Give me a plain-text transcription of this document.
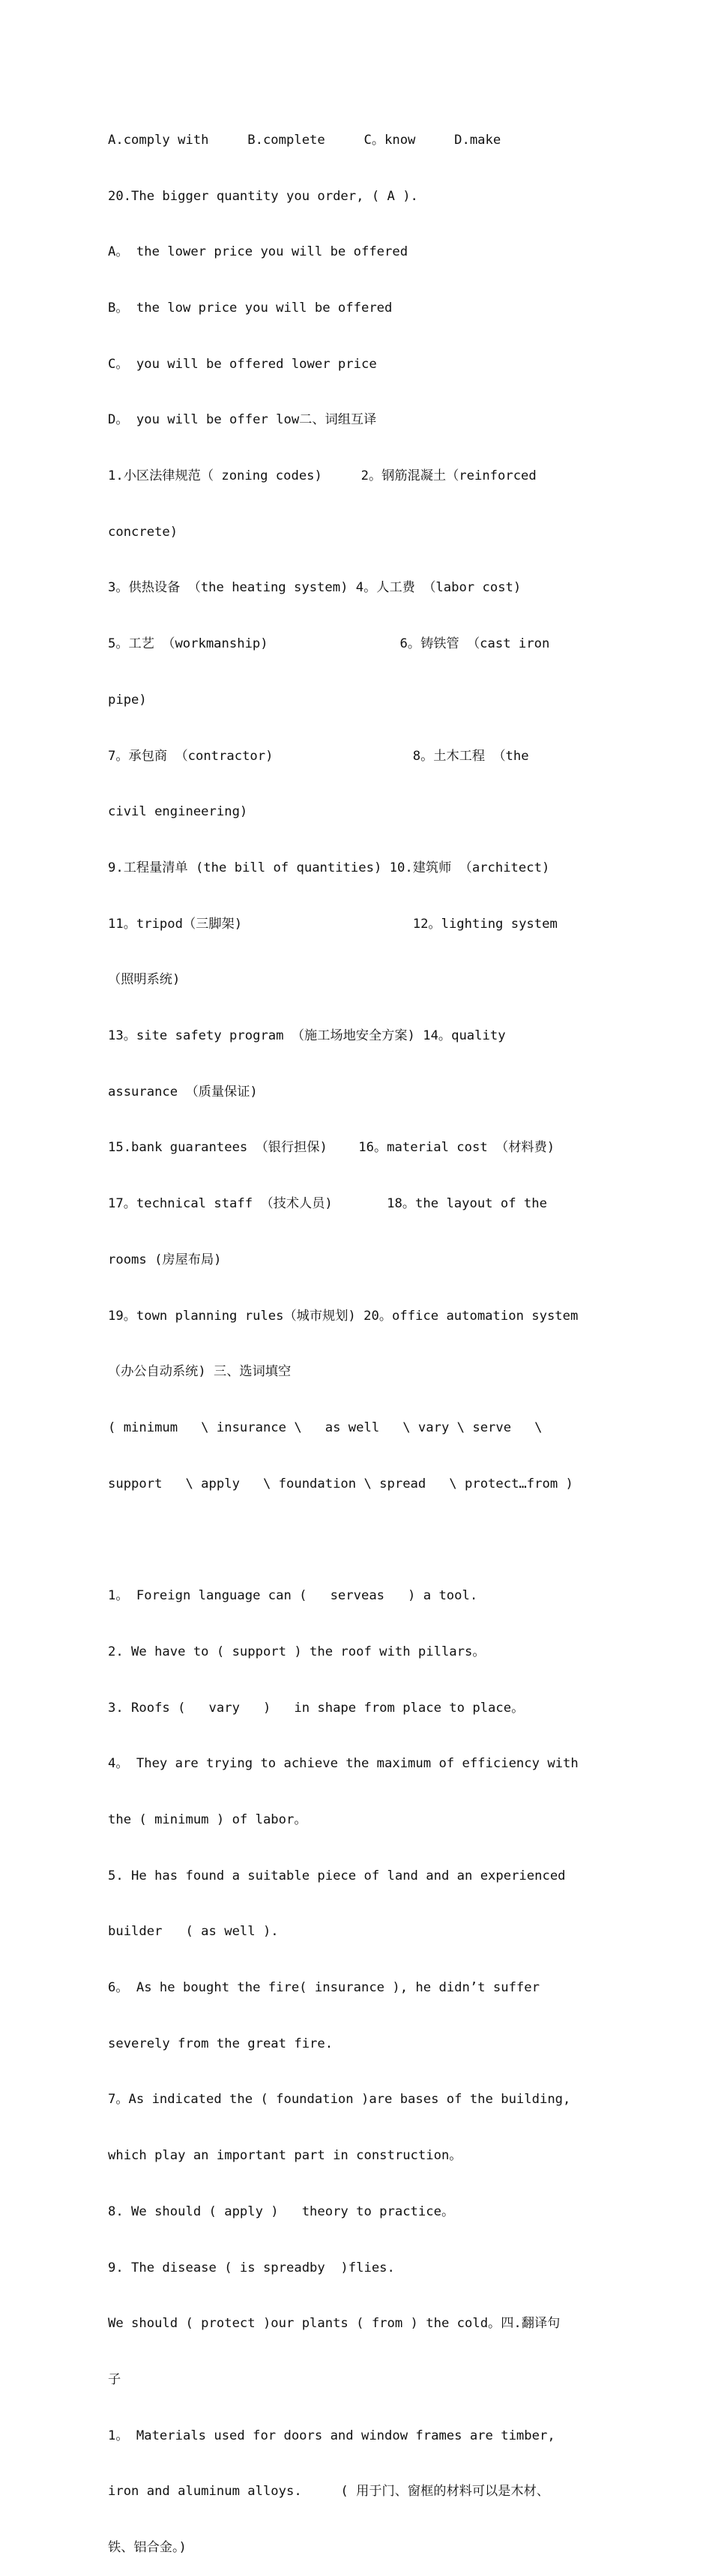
A.comply with     B.complete     C。know     D.make

20.The bigger quantity you order, ( A ).

A。 the lower price you will be offered

B。 the low price you will be offered

C。 you will be offered lower price

D。 you will be offer low二、词组互译

1.小区法律规范（ zoning codes)     2。钢筋混凝土（reinforced

concrete)

3。供热设备 （the heating system) 4。人工费 （labor cost)

5。工艺 （workmanship)                 6。铸铁管 （cast iron

pipe)

7。承包商 （contractor)                  8。土木工程 （the

civil engineering)

9.工程量清单 (the bill of quantities) 10.建筑师 （architect)

11。tripod（三脚架)                      12。lighting system

（照明系统)

13。site safety program （施工场地安全方案) 14。quality

assurance （质量保证)

15.bank guarantees （银行担保)    16。material cost （材料费)

17。technical staff （技术人员)       18。the layout of the

rooms (房屋布局)

19。town planning rules（城市规划) 20。office automation system

（办公自动系统) 三、选词填空

( minimum   \ insurance \   as well   \ vary \ serve   \

support   \ apply   \ foundation \ spread   \ protect…from )

1。 Foreign language can (   serveas   ) a tool.

2. We have to ( support ) the roof with pillars。

3. Roofs (   vary   )   in shape from place to place。

4。 They are trying to achieve the maximum of efficiency with

the ( minimum ) of labor。

5. He has found a suitable piece of land and an experienced

builder   ( as well ).

6。 As he bought the fire( insurance ), he didn’t suffer

severely from the great fire.

7。As indicated the ( foundation )are bases of the building,

which play an important part in construction。

8. We should ( apply )   theory to practice。

9. The disease ( is spreadby  )flies.

We should ( protect )our plants ( from ) the cold。四.翻译句

子

1。 Materials used for doors and window frames are timber,

iron and aluminum alloys.     ( 用于门、窗框的材料可以是木材、

铁、铝合金。)
